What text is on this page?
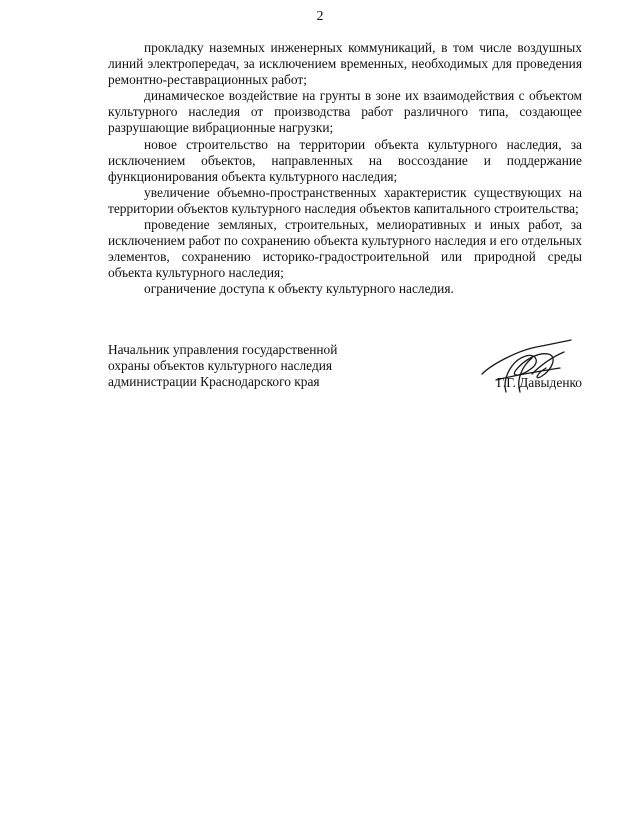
2

прокладку наземных инженерных коммуникаций, в том числе воздушных линий электропередач, за исключением временных, необходимых для проведения ремонтно-реставрационных работ;

динамическое воздействие на грунты в зоне их взаимодействия с объектом культурного наследия от производства работ различного типа, создающее разрушающие вибрационные нагрузки;

новое строительство на территории объекта культурного наследия, за исключением объектов, направленных на воссоздание и поддержание функционирования объекта культурного наследия;

увеличение объемно-пространственных характеристик существующих на территории объектов культурного наследия объектов капитального строительства;

проведение земляных, строительных, мелиоративных и иных работ, за исключением работ по сохранению объекта культурного наследия и его отдельных элементов, сохранению историко-градостроительной или природной среды объекта культурного наследия;

ограничение доступа к объекту культурного наследия.

Начальник управления государственной
охраны объектов культурного наследия
администрации Краснодарского края	Г.Г. Давыденко
